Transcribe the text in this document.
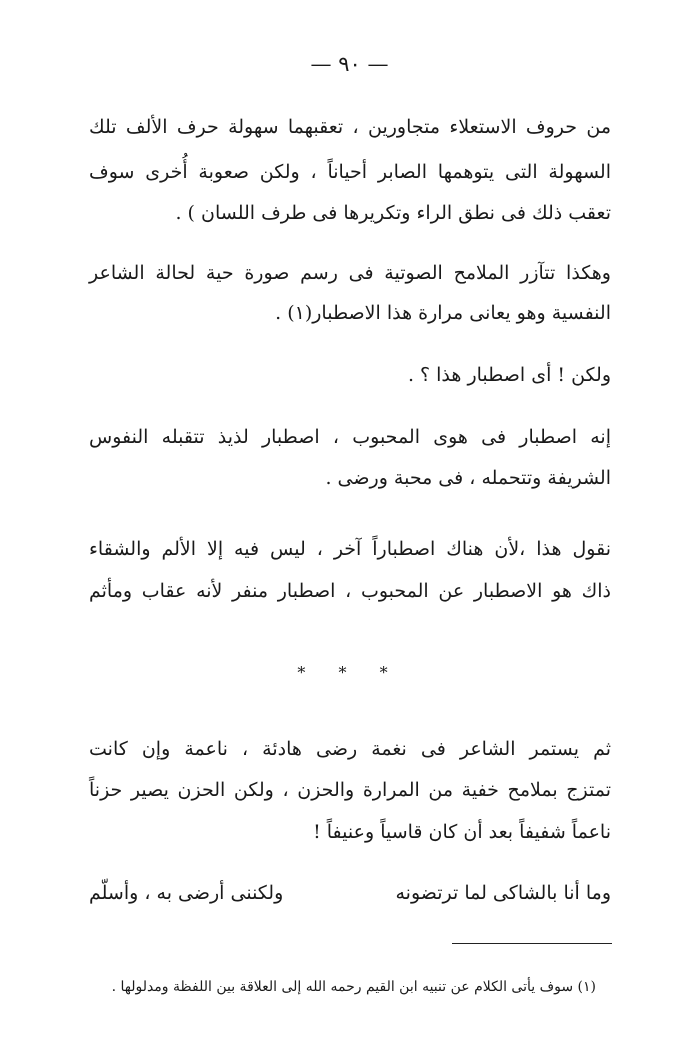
— ٩٠ —
من حروف الاستعلاء متجاورين ، تعقبهما سهولة حرف الألف تلك
السهولة التى يتوهمها الصابر أحياناً ، ولكن صعوبة أُخرى سوف
تعقب ذلك فى نطق الراء وتكريرها فى طرف اللسان ) .
وهكذا تتآزر الملامح الصوتية فى رسم صورة حية لحالة الشاعر
النفسية وهو يعانى مرارة هذا الاصطبار(١) .
ولكن ! أى اصطبار هذا ؟ .
إنه اصطبار فى هوى المحبوب ، اصطبار لذيذ تتقبله النفوس
الشريفة وتتحمله ، فى محبة ورضى .
نقول هذا ،لأن هناك اصطباراً آخر ، ليس فيه إلا الألم والشقاء
ذاك هو الاصطبار عن المحبوب ، اصطبار منفر لأنه عقاب ومأثم
* * *
ثم يستمر الشاعر فى نغمة رضى هادئة ، ناعمة وإن كانت
تمتزج بملامح خفية من المرارة والحزن ، ولكن الحزن يصير حزناً
ناعماً شفيفاً بعد أن كان قاسياً وعنيفاً !
وما أنا بالشاكى لما ترتضونه
ولكننى أرضى به ، وأسلّم
(١) سوف يأتى الكلام عن تنبيه ابن القيم رحمه الله إلى العلاقة بين اللفظة ومدلولها .
